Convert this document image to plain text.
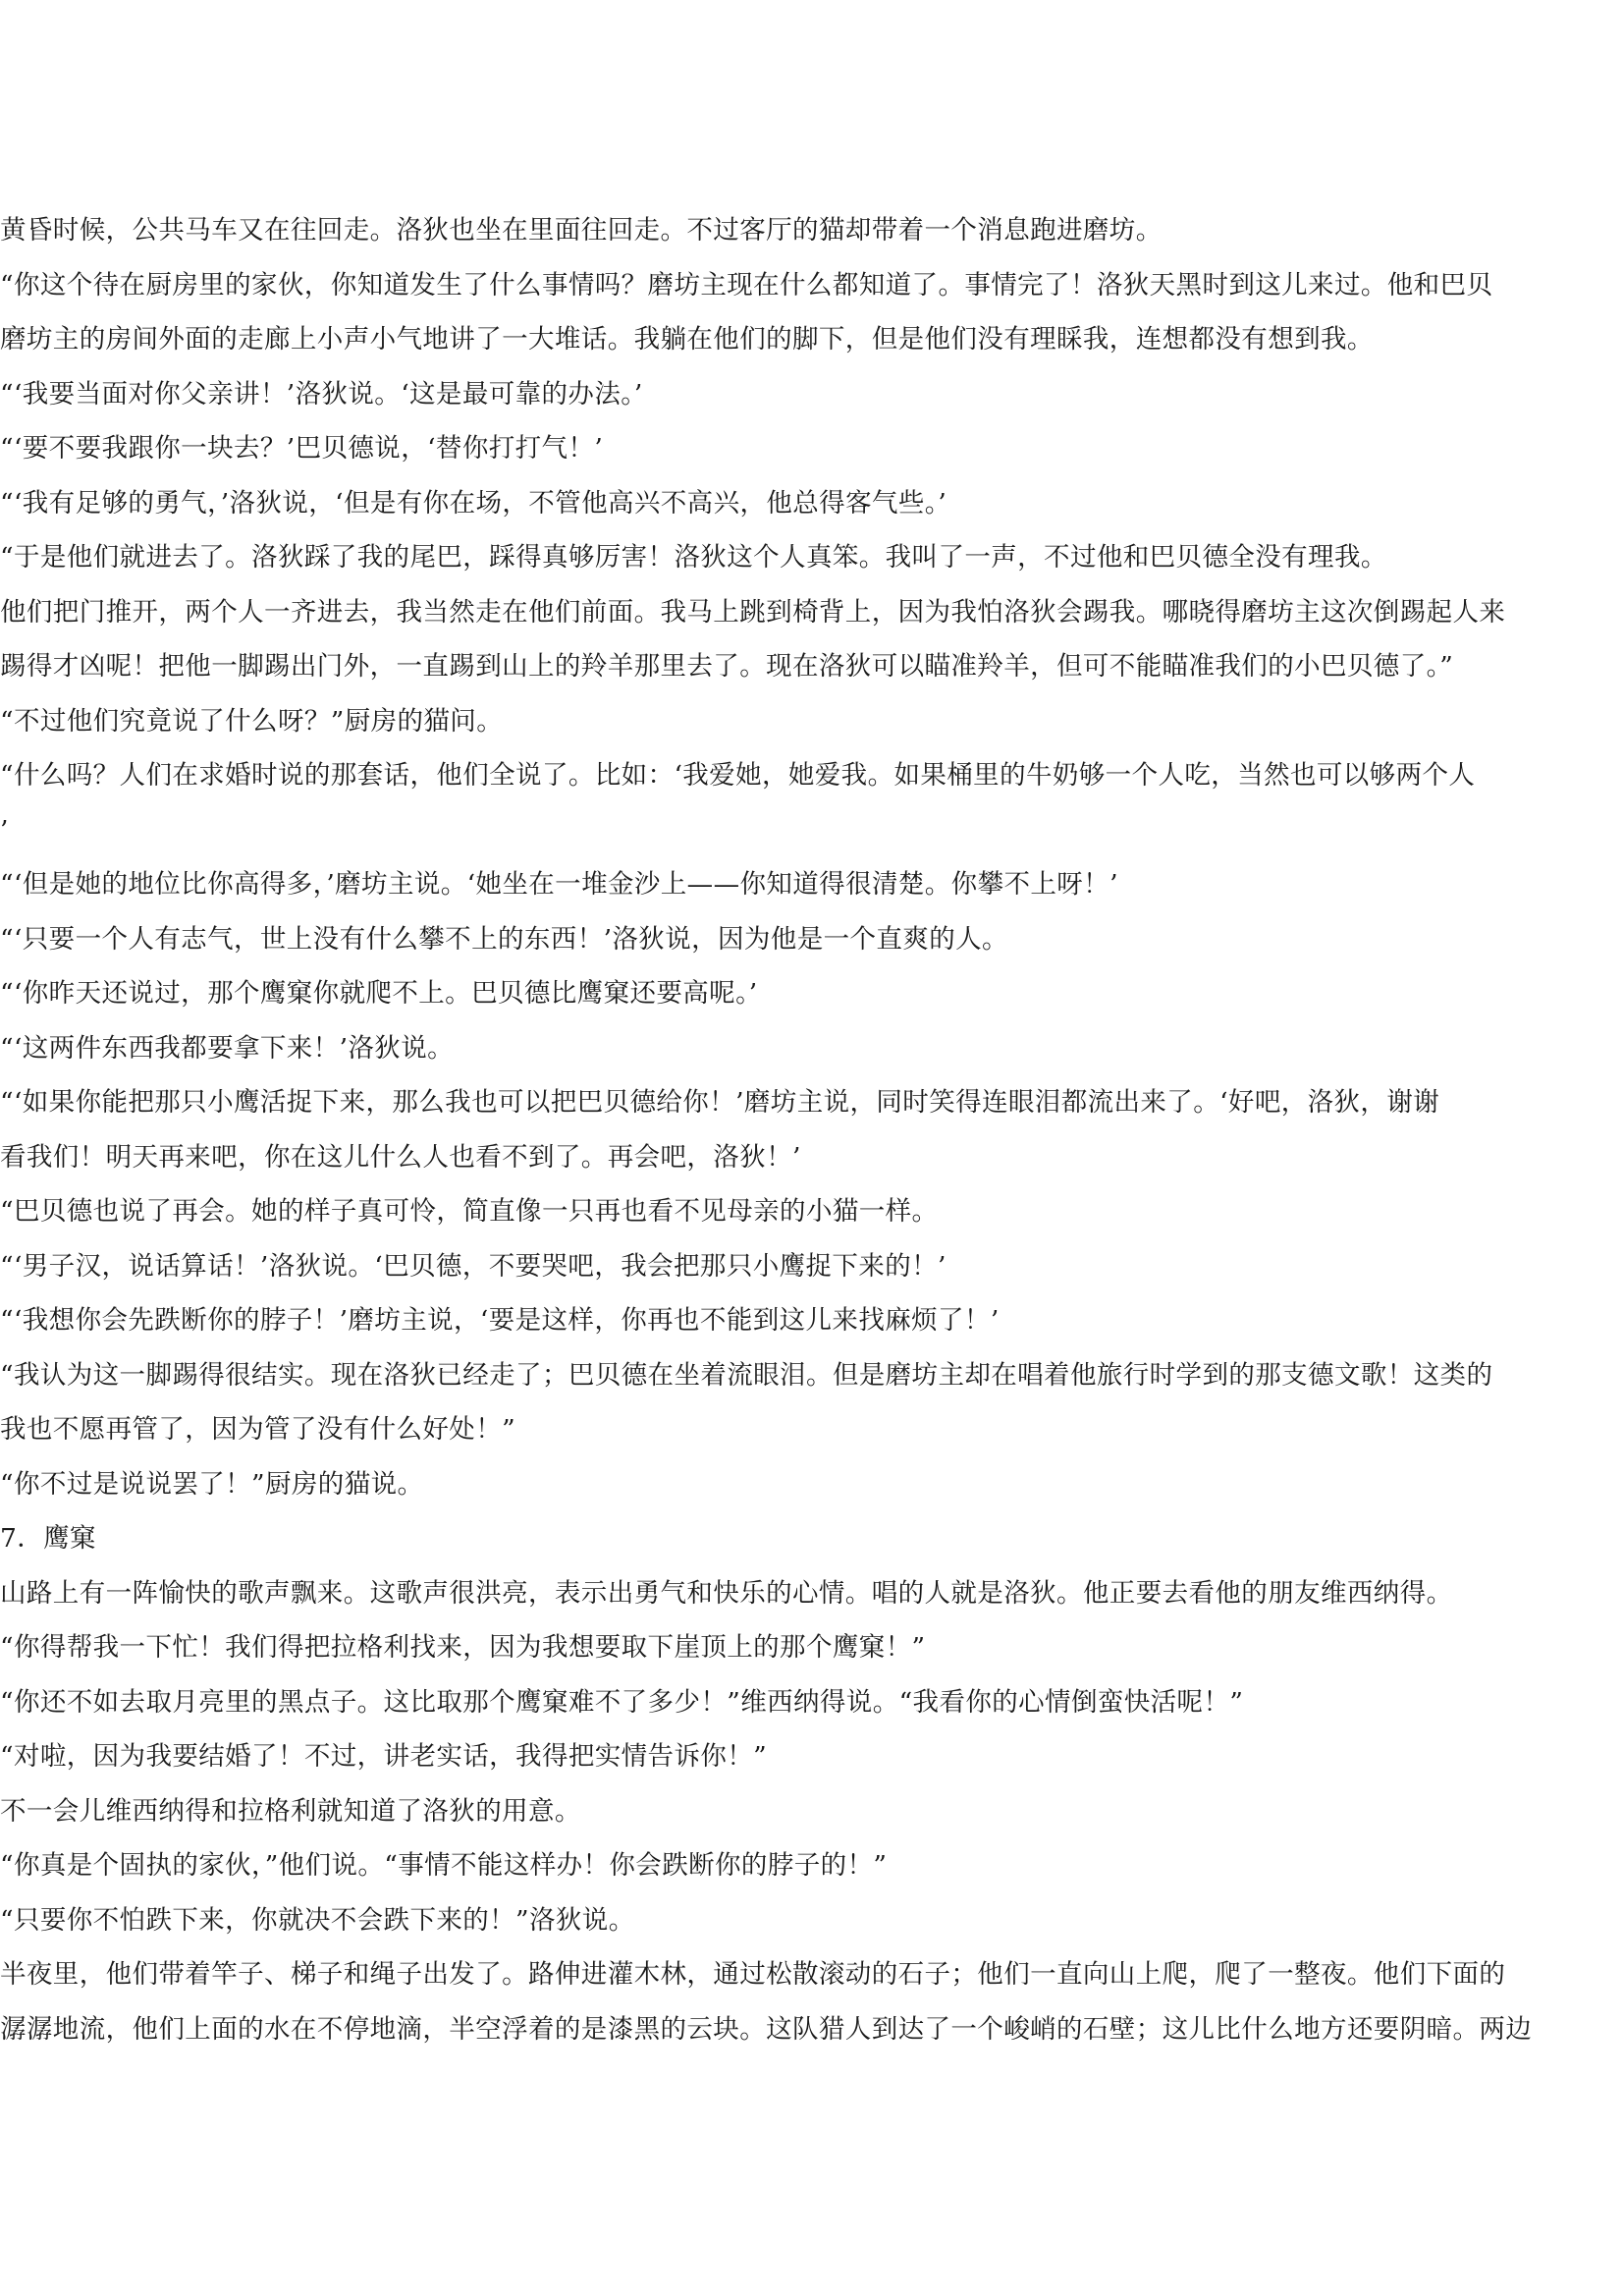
黄昏时候，公共马车又在往回走。洛狄也坐在里面往回走。不过客厅的猫却带着一个消息跑进磨坊。
“你这个待在厨房里的家伙，你知道发生了什么事情吗？磨坊主现在什么都知道了。事情完了！洛狄天黑时到这儿来过。他和巴贝
磨坊主的房间外面的走廊上小声小气地讲了一大堆话。我躺在他们的脚下，但是他们没有理睬我，连想都没有想到我。
“‘我要当面对你父亲讲！’洛狄说。‘这是最可靠的办法。’
“‘要不要我跟你一块去？’巴贝德说，‘替你打打气！’
“‘我有足够的勇气，’洛狄说，‘但是有你在场，不管他高兴不高兴，他总得客气些。’
“于是他们就进去了。洛狄踩了我的尾巴，踩得真够厉害！洛狄这个人真笨。我叫了一声，不过他和巴贝德全没有理我。
他们把门推开，两个人一齐进去，我当然走在他们前面。我马上跳到椅背上，因为我怕洛狄会踢我。哪晓得磨坊主这次倒踢起人来
踢得才凶呢！把他一脚踢出门外，一直踢到山上的羚羊那里去了。现在洛狄可以瞄准羚羊，但可不能瞄准我们的小巴贝德了。”
“不过他们究竟说了什么呀？”厨房的猫问。
“什么吗？人们在求婚时说的那套话，他们全说了。比如：‘我爱她，她爱我。如果桶里的牛奶够一个人吃，当然也可以够两个人
’
“‘但是她的地位比你高得多，’磨坊主说。‘她坐在一堆金沙上——你知道得很清楚。你攀不上呀！’
“‘只要一个人有志气，世上没有什么攀不上的东西！’洛狄说，因为他是一个直爽的人。
“‘你昨天还说过，那个鹰窠你就爬不上。巴贝德比鹰窠还要高呢。’
“‘这两件东西我都要拿下来！’洛狄说。
“‘如果你能把那只小鹰活捉下来，那么我也可以把巴贝德给你！’磨坊主说，同时笑得连眼泪都流出来了。‘好吧，洛狄，谢谢
看我们！明天再来吧，你在这儿什么人也看不到了。再会吧，洛狄！’
“巴贝德也说了再会。她的样子真可怜，简直像一只再也看不见母亲的小猫一样。
“‘男子汉，说话算话！’洛狄说。‘巴贝德，不要哭吧，我会把那只小鹰捉下来的！’
“‘我想你会先跌断你的脖子！’磨坊主说，‘要是这样，你再也不能到这儿来找麻烦了！’
“我认为这一脚踢得很结实。现在洛狄已经走了；巴贝德在坐着流眼泪。但是磨坊主却在唱着他旅行时学到的那支德文歌！这类的
我也不愿再管了，因为管了没有什么好处！”
“你不过是说说罢了！”厨房的猫说。
7．鹰窠
山路上有一阵愉快的歌声飘来。这歌声很洪亮，表示出勇气和快乐的心情。唱的人就是洛狄。他正要去看他的朋友维西纳得。
“你得帮我一下忙！我们得把拉格利找来，因为我想要取下崖顶上的那个鹰窠！”
“你还不如去取月亮里的黑点子。这比取那个鹰窠难不了多少！”维西纳得说。“我看你的心情倒蛮快活呢！”
“对啦，因为我要结婚了！不过，讲老实话，我得把实情告诉你！”
不一会儿维西纳得和拉格利就知道了洛狄的用意。
“你真是个固执的家伙，”他们说。“事情不能这样办！你会跌断你的脖子的！”
“只要你不怕跌下来，你就决不会跌下来的！”洛狄说。
半夜里，他们带着竿子、梯子和绳子出发了。路伸进灌木林，通过松散滚动的石子；他们一直向山上爬，爬了一整夜。他们下面的
潺潺地流，他们上面的水在不停地滴，半空浮着的是漆黑的云块。这队猎人到达了一个峻峭的石壁；这儿比什么地方还要阴暗。两边
